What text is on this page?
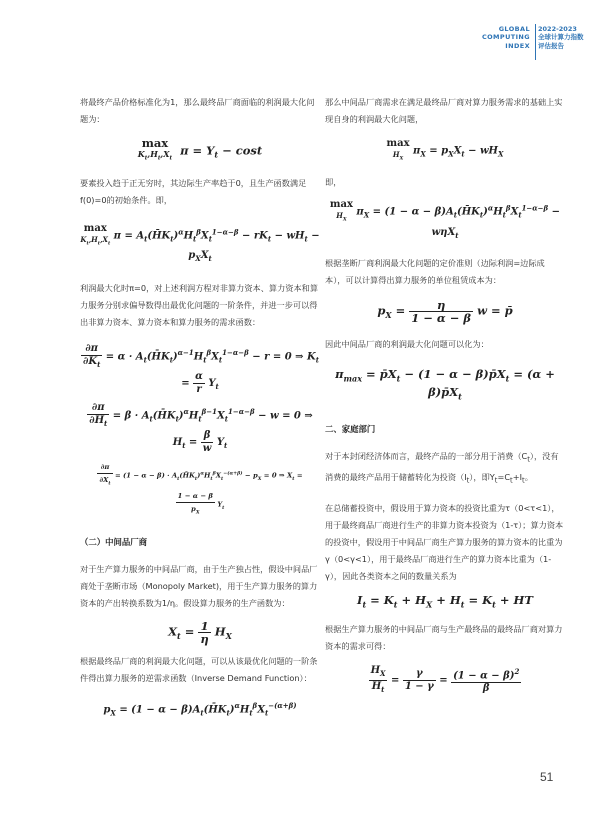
GLOBAL
COMPUTING
INDEX
2022-2023
全球计算力指数
评估报告

将最终产品价格标准化为1，那么最终品厂商面临的利润最大化问题为：

max
$K_t,H_t,X_t$
$\pi = Y_t - \cos t$

要素投入趋于正无穷时，其边际生产率趋于0，且生产函数满足f(0)=0的初始条件。即，

max
$K_t,H_t,X_t$
$\pi = A_t(H̄K_t)^\alpha H_t^\beta X_t^{1-\alpha-\beta} - rK_t - wH_t - p_XX_t$

利润最大化时π=0，对上述利润方程对非算力资本、算力资本和算力服务分别求偏导数得出最优化问题的一阶条件，并进一步可以得出非算力资本、算力资本和算力服务的需求函数：

$\frac{\partial\pi}{\partial K_t} = \alpha$ · $A_t(H̄K_t)^{\alpha-1}H_t^\beta X_t^{1-\alpha-\beta} - r = 0$ ⇒ $K_t = \frac{\alpha}{r} Y_t$
$\frac{\partial\pi}{\partial H_t} = \beta$ · $A_t(H̄K_t)^\alpha H_t^{\beta-1}X_t^{1-\alpha-\beta} - w = 0$ ⇒ $H_t = \frac{\beta}{w} Y_t$
$\frac{\partial\pi}{\partial X_t} = (1 - \alpha - \beta)$ · $A_t(H̄K_t)^\alpha H_t^\beta X_t^{-(\alpha+\beta)} - p_X = 0$ ⇒ $X_t$ =
$\frac{1 - \alpha - \beta}{p_X} Y_t$

（二）中间品厂商

对于生产算力服务的中间品厂商，由于生产独占性，假设中间品厂商处于垄断市场（Monopoly Market)，用于生产算力服务的算力资本的产出转换系数为1/η。假设算力服务的生产函数为：

$X_t = \frac{1}{\eta} H_X$

根据最终品厂商的利润最大化问题，可以从该最优化问题的一阶条件得出算力服务的逆需求函数（Inverse Demand Function）：

$p_X = (1 - \alpha$ − $\beta)A_t(H̄K_t)^\alpha H_t^\beta X_t^{-(\alpha+\beta)}$

那么中间品厂商需求在满足最终品厂商对算力服务需求的基础上实现自身的利润最大化问题，

max
$H_X$
$\pi_X = p_XX_t - wH_X$

即，

max
$H_X$
$\pi_X = (1 - \alpha$ − $\beta)A_t(H̄K_t)^\alpha H_t^\beta X_t^{1-\alpha-\beta} - w\eta X_t$

根据垄断厂商利润最大化问题的定价准则（边际利润=边际成本），可以计算得出算力服务的单位租赁成本为：

$p_X = \frac{\eta}{1 - \alpha - \beta}$ w = p̄

因此中间品厂商的利润最大化问题可以化为：

$\pi_{max}$ = $p̄X_t - (1 - \alpha$ − $\beta)p̄X_t = (\alpha$ + $\beta)p̄X_t$

二、家庭部门

对于本封闭经济体而言，最终产品的一部分用于消费$(C_t)$，没有消费的最终产品用于储蓄转化为投资$(I_t)$，即$Y_t=C_t+I_t$。

在总储蓄投资中，假设用于算力资本的投资比重为τ（0<τ<1），用于最终商品厂商进行生产的非算力资本投资为（1-τ）；算力资本的投资中，假设用于中间品厂商生产算力服务的算力资本的比重为γ（0<γ<1），用于最终品厂商进行生产的算力资本比重为（1-γ），因此各类资本之间的数量关系为

$I_t = K_t + H_X + H_t = K_t$ + HT

根据生产算力服务的中间品厂商与生产最终品的最终品厂商对算力资本的需求可得：

$\frac{H_X}{H_t} = \frac{\gamma}{1 - \gamma} = \frac{(1 - \alpha - \beta)^2}{\beta}$
51
